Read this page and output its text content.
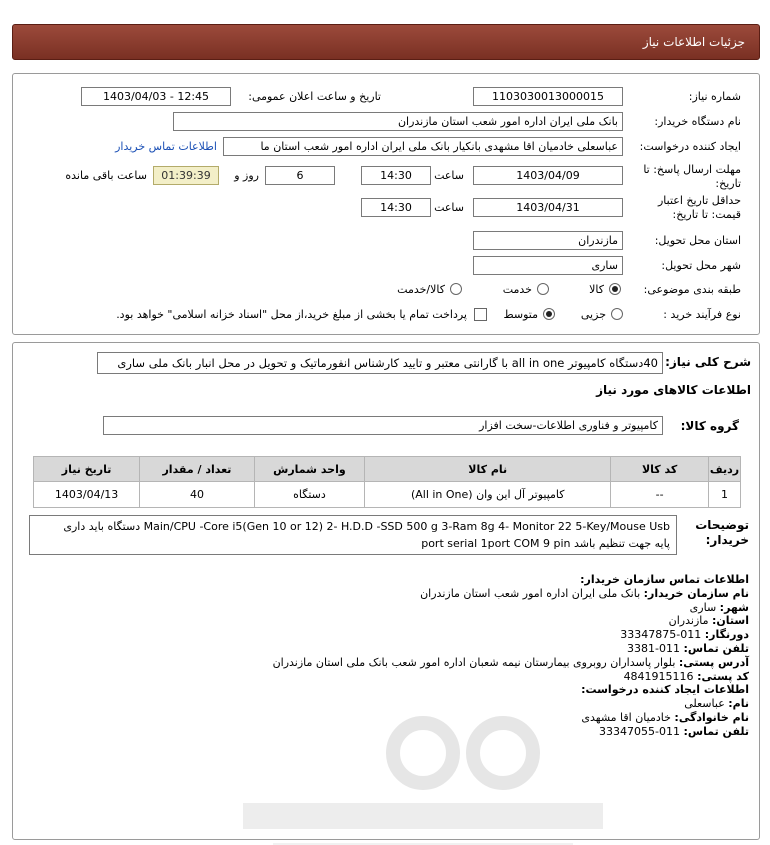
جزئیات اطلاعات نیاز
شماره نیاز:
1103030013000015
تاریخ و ساعت اعلان عمومی:
1403/04/03 - 12:45
نام دستگاه خریدار:
بانک ملی ایران اداره امور شعب استان مازندران
ایجاد کننده درخواست:
عباسعلی خادمیان اقا مشهدی بانکیار بانک ملی ایران اداره امور شعب استان ما
اطلاعات تماس خریدار
مهلت ارسال پاسخ: تا تاریخ:
1403/04/09
ساعت
14:30
6
روز و
01:39:39
ساعت باقی مانده
حداقل تاریخ اعتبار قیمت: تا تاریخ:
1403/04/31
ساعت
14:30
استان محل تحویل:
مازندران
شهر محل تحویل:
ساری
طبقه بندی موضوعی:
کالا
خدمت
کالا/خدمت
نوع فرآیند خرید :
جزیی
متوسط
پرداخت تمام یا بخشی از مبلغ خرید،از محل "اسناد خزانه اسلامی" خواهد بود.
شرح کلی نیاز:
40دستگاه کامپیوتر all in one با گارانتی معتبر و تایید کارشناس انفورماتیک و تحویل در محل انبار بانک ملی ساری
اطلاعات کالاهای مورد نیاز
گروه کالا:
کامپیوتر و فناوری اطلاعات-سخت افزار
ردیف	کد کالا	نام کالا	واحد شمارش	تعداد / مقدار	تاریخ نیاز
1	--	کامپیوتر آل این وان (All in One)	دستگاه	40	1403/04/13
توضیحات خریدار:
Main/CPU -Core i5(Gen 10 or 12) 2- H.D.D -SSD 500 g 3-Ram 8g 4- Monitor 22 5-Key/Mouse Usb دستگاه باید داری
پایه جهت تنظیم باشد port serial 1port COM 9 pin
اطلاعات تماس سازمان خریدار:
نام سازمان خریدار: بانک ملی ایران اداره امور شعب استان مازندران
شهر: ساری
استان: مازندران
دورنگار: 011-33347875
تلفن تماس: 011-3381
آدرس پستی: بلوار پاسداران روبروی بیمارستان نیمه شعبان اداره امور شعب بانک ملی استان مازندران
کد پستی: 4841915116
اطلاعات ایجاد کننده درخواست:
نام: عباسعلی
نام خانوادگی: خادمیان اقا مشهدی
تلفن تماس: 011-33347055
